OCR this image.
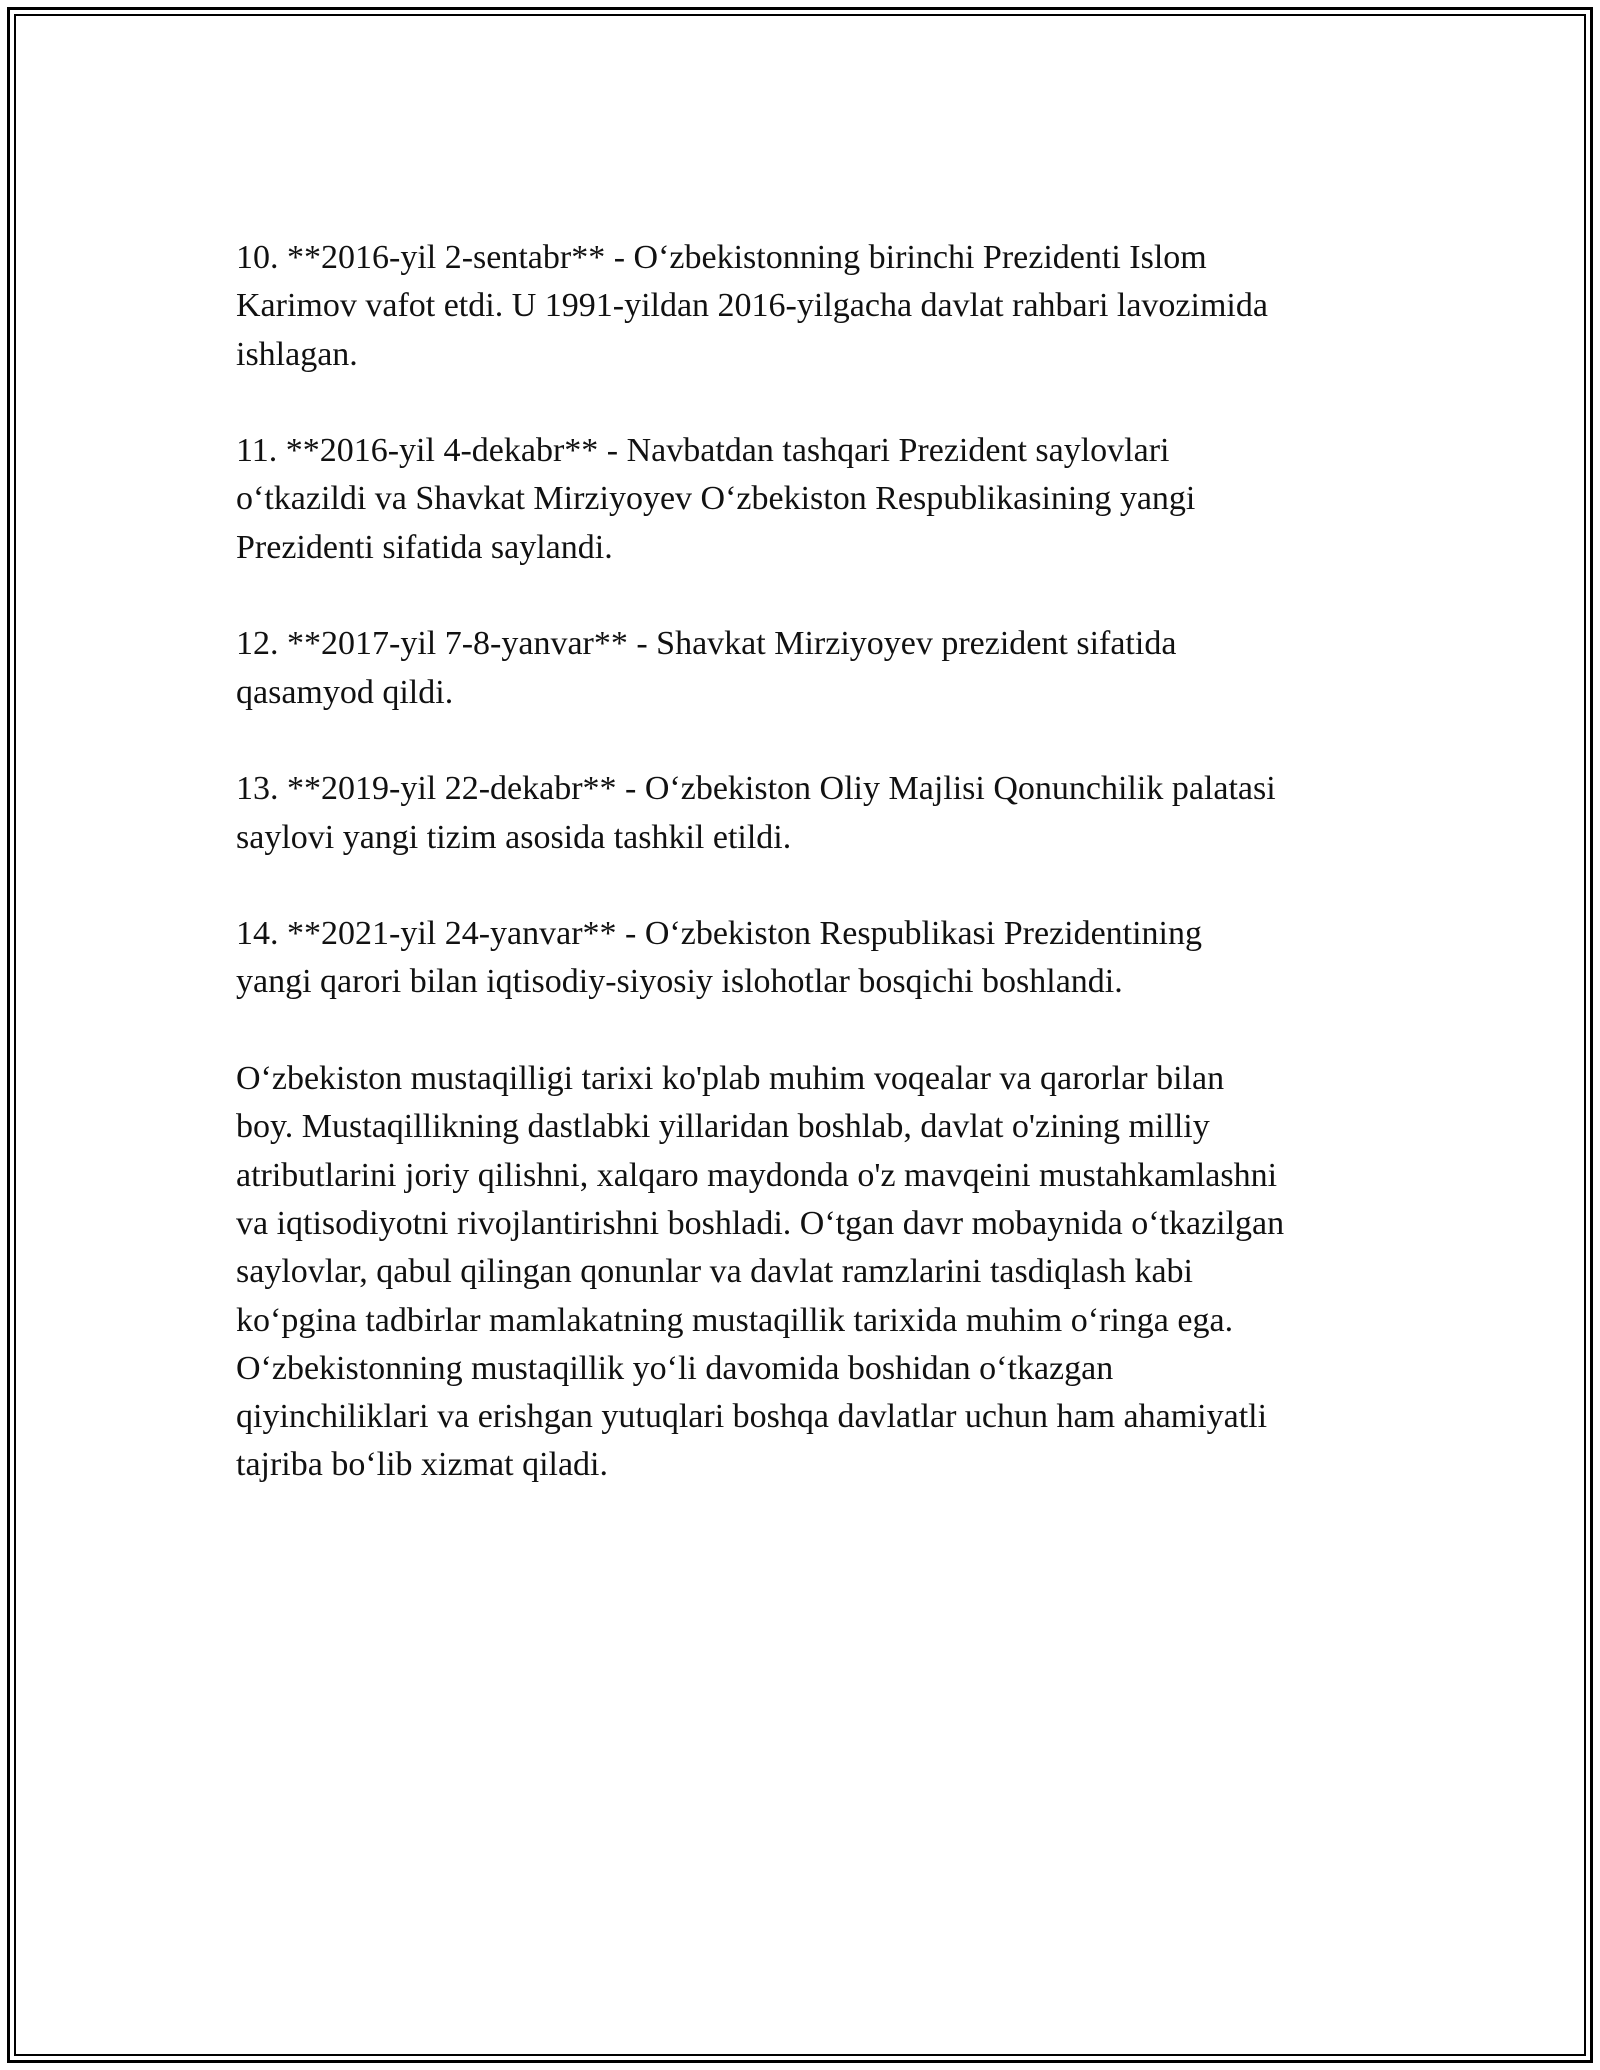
10. **2016-yil 2-sentabr** - O‘zbekistonning birinchi Prezidenti Islom
Karimov vafot etdi. U 1991-yildan 2016-yilgacha davlat rahbari lavozimida
ishlagan.

11. **2016-yil 4-dekabr** - Navbatdan tashqari Prezident saylovlari
o‘tkazildi va Shavkat Mirziyoyev O‘zbekiston Respublikasining yangi
Prezidenti sifatida saylandi.

12. **2017-yil 7-8-yanvar** - Shavkat Mirziyoyev prezident sifatida
qasamyod qildi.

13. **2019-yil 22-dekabr** - O‘zbekiston Oliy Majlisi Qonunchilik palatasi
saylovi yangi tizim asosida tashkil etildi.

14. **2021-yil 24-yanvar** - O‘zbekiston Respublikasi Prezidentining
yangi qarori bilan iqtisodiy-siyosiy islohotlar bosqichi boshlandi.

O‘zbekiston mustaqilligi tarixi ko'plab muhim voqealar va qarorlar bilan
boy. Mustaqillikning dastlabki yillaridan boshlab, davlat o'zining milliy
atributlarini joriy qilishni, xalqaro maydonda o'z mavqeini mustahkamlashni
va iqtisodiyotni rivojlantirishni boshladi. O‘tgan davr mobaynida o‘tkazilgan
saylovlar, qabul qilingan qonunlar va davlat ramzlarini tasdiqlash kabi
ko‘pgina tadbirlar mamlakatning mustaqillik tarixida muhim o‘ringa ega.
O‘zbekistonning mustaqillik yo‘li davomida boshidan o‘tkazgan
qiyinchiliklari va erishgan yutuqlari boshqa davlatlar uchun ham ahamiyatli
tajriba bo‘lib xizmat qiladi.
